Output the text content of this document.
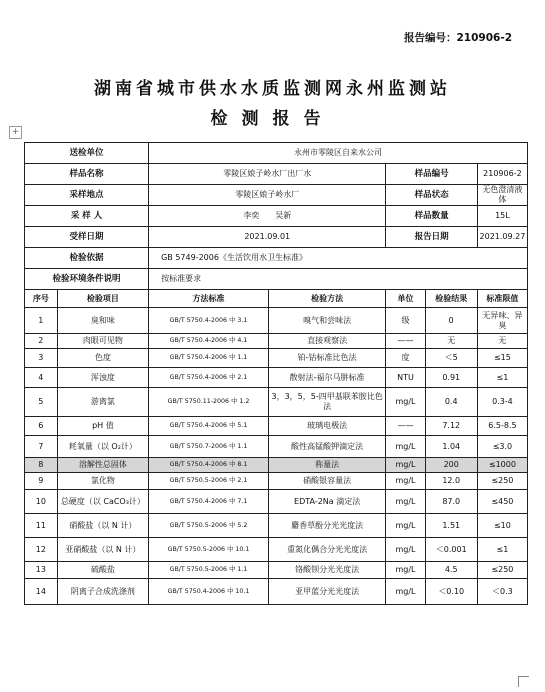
报告编号：210906-2
湖南省城市供水水质监测网永州监测站
检测报告
+
送检单位		永州市零陵区自来水公司				
样品名称		零陵区娘子岭水厂出厂水		样品编号		210906-2
采样地点		零陵区娘子岭水厂		样品状态		无色澄清液体
采 样 人		李奕　　吴新		样品数量		15L
受样日期		2021.09.01		报告日期		2021.09.27
检验依据		GB 5749-2006《生活饮用水卫生标准》				
检验环境条件说明		按标准要求				
序号	检验项目	方法标准	检验方法	单位	检验结果	标准限值
1	臭和味	GB/T 5750.4-2006 中 3.1	嗅气和尝味法	级	0	无异味、异臭
2	肉眼可见物	GB/T 5750.4-2006 中 4.1	直接观察法	——	无	无
3	色度	GB/T 5750.4-2006 中 1.1	铂-钴标准比色法	度	＜5	≤15
4	浑浊度	GB/T 5750.4-2006 中 2.1	散射法-福尔马肼标准	NTU	0.91	≤1
5	游离氯	GB/T 5750.11-2006 中 1.2	3，3，5，5-四甲基联苯胺比色法	mg/L	0.4	0.3-4
6	pH 值	GB/T 5750.4-2006 中 5.1	玻璃电极法	——	7.12	6.5-8.5
7	耗氧量（以 O₂计）	GB/T 5750.7-2006 中 1.1	酸性高锰酸钾滴定法	mg/L	1.04	≤3.0
8	溶解性总固体	GB/T 5750.4-2006 中 8.1	称量法	mg/L	200	≤1000
9	氯化物	GB/T 5750.5-2006 中 2.1	硝酸银容量法	mg/L	12.0	≤250
10	总硬度（以 CaCO₃计）	GB/T 5750.4-2006 中 7.1	EDTA-2Na 滴定法	mg/L	87.0	≤450
11	硝酸盐（以 N 计）	GB/T 5750.5-2006 中 5.2	麝香草酚分光光度法	mg/L	1.51	≤10
12	亚硝酸盐（以 N 计）	GB/T 5750.5-2006 中 10.1	重氮化偶合分光光度法	mg/L	＜0.001	≤1
13	硫酸盐	GB/T 5750.5-2006 中 1.1	铬酸钡分光光度法	mg/L	4.5	≤250
14	阴离子合成洗涤剂	GB/T 5750.4-2006 中 10.1	亚甲蓝分光光度法	mg/L	＜0.10	＜0.3
